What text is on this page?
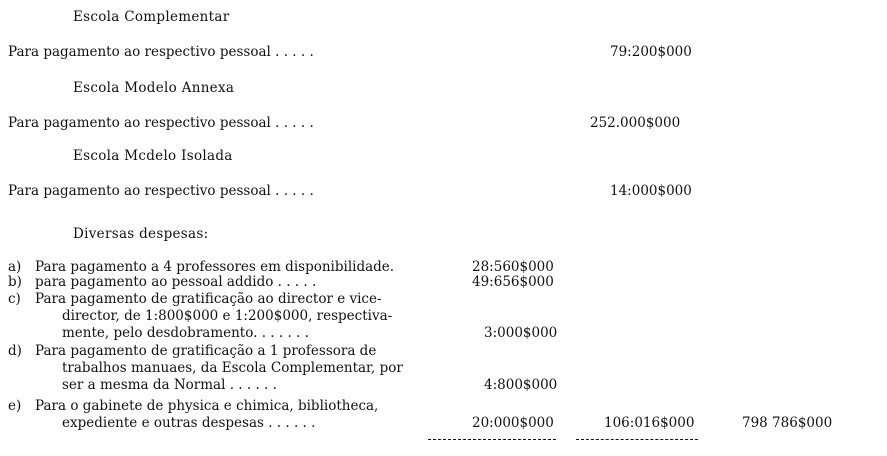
Escola Complementar
Para pagamento ao respectivo pessoal . . . . .	79:200$000
Escola Modelo Annexa
Para pagamento ao respectivo pessoal . . . . .	252.000$000
Escola Mcdelo Isolada
Para pagamento ao respectivo pessoal . . . . .	14:000$000
Diversas despesas:
a) Para pagamento a 4 professores em disponibilidade.	28:560$000
b) para pagamento ao pessoal addido . . . . .	49:656$000
c) Para pagamento de gratificação ao director e vice-
director, de 1:800$000 e 1:200$000, respectiva-
mente, pelo desdobramento. . . . . . .	3:000$000
d) Para pagamento de gratificação a 1 professora de
trabalhos manuaes, da Escola Complementar, por
ser a mesma da Normal . . . . . .	4:800$000
e) Para o gabinete de physica e chimica, bibliotheca,
expediente e outras despesas . . . . . .	20:000$000	106:016$000	798 786$000
